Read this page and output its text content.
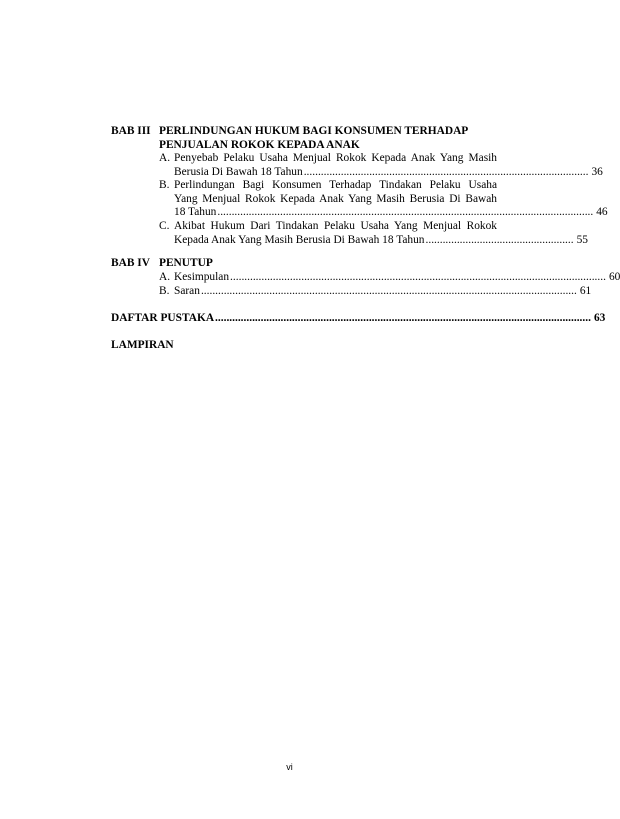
BAB III PERLINDUNGAN HUKUM BAGI KONSUMEN TERHADAP
PENJUALAN ROKOK KEPADA ANAK
A. Penyebab Pelaku Usaha Menjual Rokok Kepada Anak Yang Masih
Berusia Di Bawah 18 Tahun .................................................................................................... 36
B. Perlindungan Bagi Konsumen Terhadap Tindakan Pelaku Usaha
Yang Menjual Rokok Kepada Anak Yang Masih Berusia Di Bawah
18 Tahun .................................................................................................................................... 46
C. Akibat Hukum Dari Tindakan Pelaku Usaha Yang Menjual Rokok
Kepada Anak Yang Masih Berusia Di Bawah 18 Tahun .................................................... 55
BAB IV PENUTUP
A. Kesimpulan .................................................................................................................................... 60
B. Saran .................................................................................................................................... 61
DAFTAR PUSTAKA .................................................................................................................................... 63
LAMPIRAN
vi
